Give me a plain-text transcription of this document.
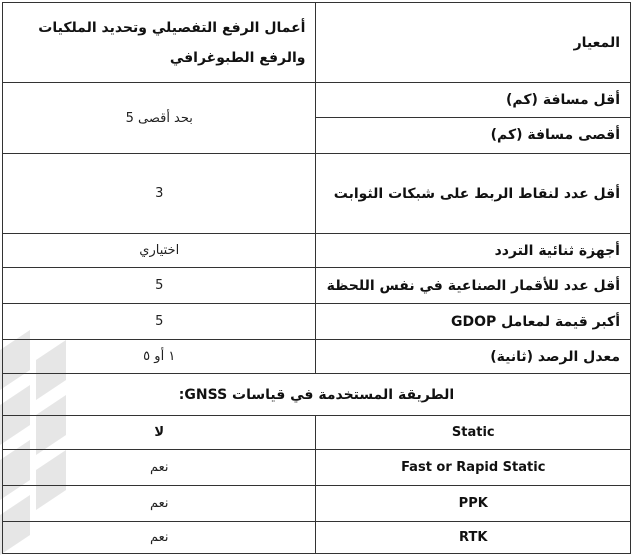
أعمال الرفع التفصيلي وتحديد الملكيات والرفع الطبوغرافي	المعيار
بحد أقصى 5	أقل مسافة (كم)
أقصى مسافة (كم)

3	أقل عدد لنقاط الربط على شبكات الثوابت

اختياري	أجهزة ثنائية التردد
5	أقل عدد للأقمار الصناعية في نفس اللحظة
5	أكبر قيمة لمعامل GDOP
١ أو ٥	معدل الرصد (ثانية)
الطريقة المستخدمة في قياسات GNSS:	
لا	Static
نعم	Fast or Rapid Static
نعم	PPK
نعم	RTK
